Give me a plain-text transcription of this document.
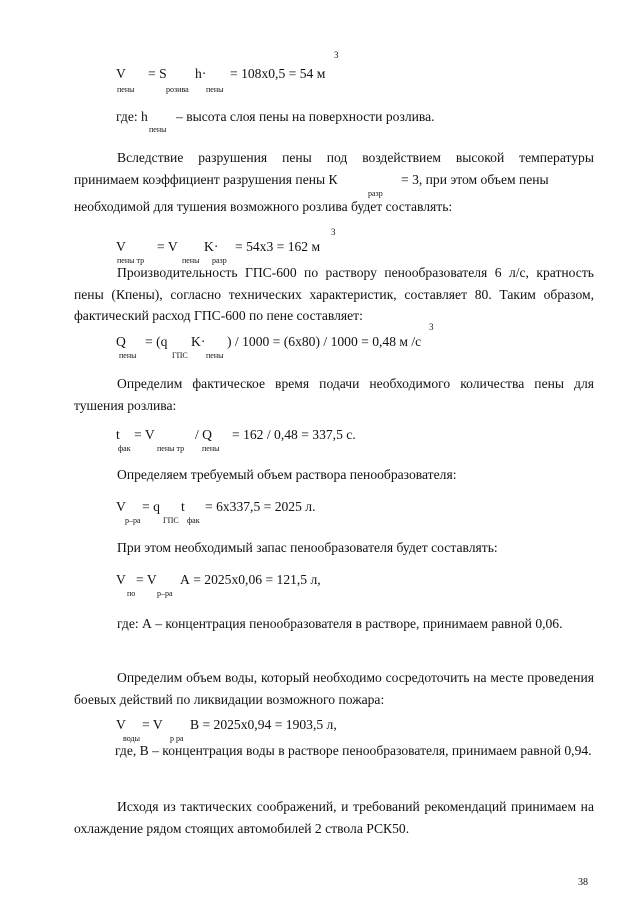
3
V = S h· = 108х0,5 = 54 м
пены	розива пены
где: h – высота слоя пены на поверхности розлива.
пены
Вследствие разрушения пены под воздействием высокой температуры
принимаем коэффициент разрушения пены К	= 3, при этом объем пены
разр
необходимой для тушения возможного розлива будет составлять:
3
V = V K· = 54х3 = 162 м
пены тр	пены разр

Производительность ГПС-600 по раствору пенообразователя 6 л/с, кратность пены (Кпены), согласно технических характеристик, составляет 80. Таким образом, фактический расход ГПС-600 по пене составляет:

3
Q = (q K· ) / 1000 = (6х80) / 1000 = 0,48 м /с
пены	ГПС пены

Определим фактическое время подачи необходимого количества пены для тушения розлива:

t = V	/ Q = 162 / 0,48 = 337,5 с.
фак	пены тр пены

Определяем требуемый объем раствора пенообразователя:

V = q t = 6х337,5 = 2025 л.
р–ра	ГПС фак

При этом необходимый запас пенообразователя будет составлять:

V = V А = 2025х0,06 = 121,5 л,
по	р–ра

где: А – концентрация пенообразователя в растворе, принимаем равной 0,06.

Определим объем воды, который необходимо сосредоточить на месте проведения боевых действий по ликвидации возможного пожара:

V = V В = 2025х0,94 = 1903,5 л,
воды	р ра

где, В – концентрация воды в растворе пенообразователя, принимаем равной 0,94.

Исходя из тактических соображений, и требований рекомендаций принимаем на охлаждение рядом стоящих автомобилей 2 ствола РСК50.

38
